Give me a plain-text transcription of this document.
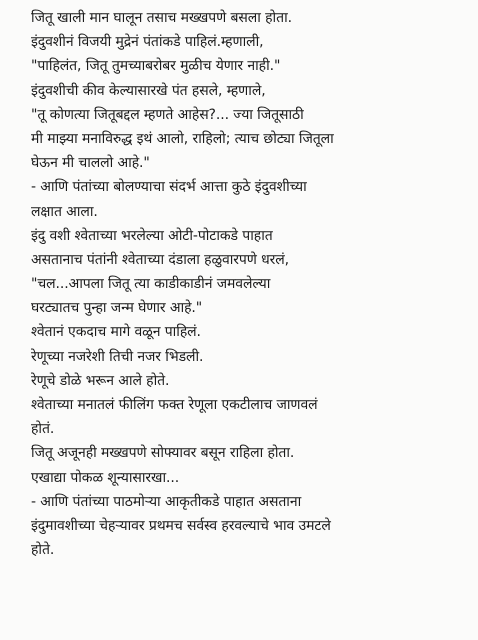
जितू खाली मान घालून तसाच मख्खपणे बसला होता.
इंदुवशीनं विजयी मुद्रेनं पंतांकडे पाहिलं.म्हणाली,
"पाहिलंत, जितू तुमच्याबरोबर मुळीच येणार नाही."
इंदुवशीची कीव केल्यासारखे पंत हसले, म्हणाले,
"तू कोणत्या जितूबद्दल म्हणते आहेस?... ज्या जितूसाठी
मी माझ्या मनाविरुद्ध इथं आलो, राहिलो; त्याच छोट्या जितूला
घेऊन मी चाललो आहे."
- आणि पंतांच्या बोलण्याचा संदर्भ आत्ता कुठे इंदुवशीच्या
लक्षात आला.
इंदु वशी श्वेताच्या भरलेल्या ओटी-पोटाकडे पाहात
असतानाच पंतांनी श्वेताच्या दंडाला हळुवारपणे धरलं,
"चल...आपला जितू त्या काडीकाडीनं जमवलेल्या
घरट्यातच पुन्हा जन्म घेणार आहे."
श्वेतानं एकदाच मागे वळून पाहिलं.
रेणूच्या नजरेशी तिची नजर भिडली.
रेणूचे डोळे भरून आले होते.
श्वेताच्या मनातलं फीलिंग फक्त रेणूला एकटीलाच जाणवलं
होतं.
जितू अजूनही मख्खपणे सोफ्यावर बसून राहिला होता.
एखाद्या पोकळ शून्यासारखा...
- आणि पंतांच्या पाठमोऱ्या आकृतीकडे पाहात असताना
इंदुमावशीच्या चेहऱ्यावर प्रथमच सर्वस्व हरवल्याचे भाव उमटले
होते.
